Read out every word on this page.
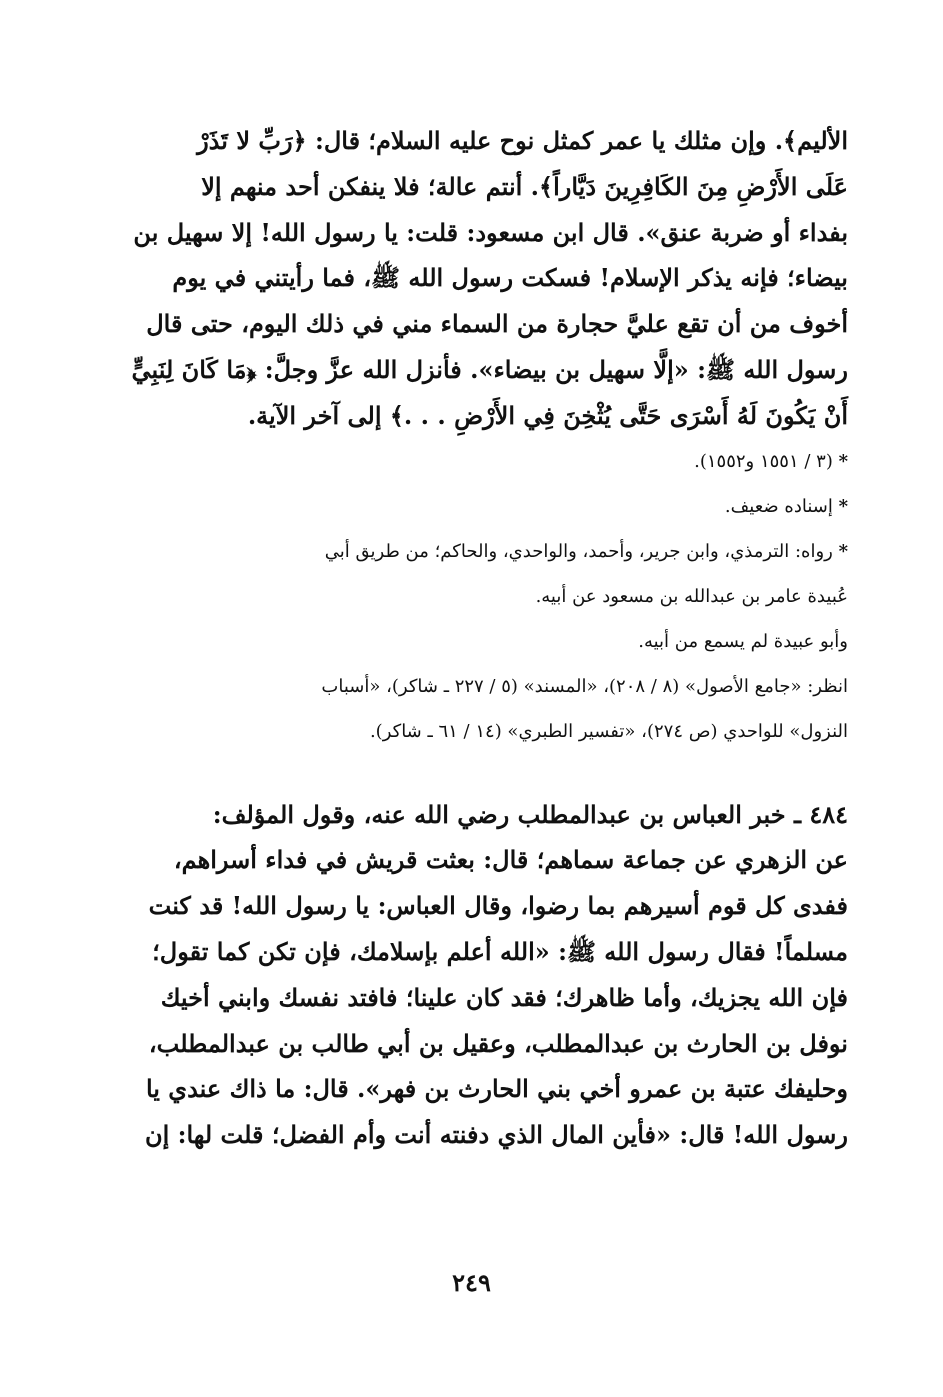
الأليم﴾. وإن مثلك يا عمر كمثل نوح عليه السلام؛ قال: ﴿رَبِّ لا تَذَرْ
عَلَى الأَرْضِ مِنَ الكَافِرِينَ دَيَّاراً﴾. أنتم عالة؛ فلا ينفكن أحد منهم إلا
بفداء أو ضربة عنق». قال ابن مسعود: قلت: يا رسول الله! إلا سهيل بن
بيضاء؛ فإنه يذكر الإسلام! فسكت رسول الله ﷺ، فما رأيتني في يوم
أخوف من أن تقع عليَّ حجارة من السماء مني في ذلك اليوم، حتى قال
رسول الله ﷺ: «إلَّا سهيل بن بيضاء». فأنزل الله عزَّ وجلَّ: ﴿مَا كَانَ لِنَبِيٍّ
أَنْ يَكُونَ لَهُ أَسْرَى حَتَّى يُثْخِنَ فِي الأَرْضِ . . .﴾ إلى آخر الآية.

* (٣ / ١٥٥١ و١٥٥٢).

* إسناده ضعيف.

* رواه: الترمذي، وابن جرير، وأحمد، والواحدي، والحاكم؛ من طريق أبي
عُبيدة عامر بن عبدالله بن مسعود عن أبيه.

وأبو عبيدة لم يسمع من أبيه.

انظر: «جامع الأصول» (٨ / ٢٠٨)، «المسند» (٥ / ٢٢٧ ـ شاكر)، «أسباب
النزول» للواحدي (ص ٢٧٤)، «تفسير الطبري» (١٤ / ٦١ ـ شاكر).

٤٨٤ ـ خبر العباس بن عبدالمطلب رضي الله عنه، وقول المؤلف:
عن الزهري عن جماعة سماهم؛ قال: بعثت قريش في فداء أسراهم،
ففدى كل قوم أسيرهم بما رضوا، وقال العباس: يا رسول الله! قد كنت
مسلماً! فقال رسول الله ﷺ: «الله أعلم بإسلامك، فإن تكن كما تقول؛
فإن الله يجزيك، وأما ظاهرك؛ فقد كان علينا؛ فافتد نفسك وابني أخيك
نوفل بن الحارث بن عبدالمطلب، وعقيل بن أبي طالب بن عبدالمطلب،
وحليفك عتبة بن عمرو أخي بني الحارث بن فهر». قال: ما ذاك عندي يا
رسول الله! قال: «فأين المال الذي دفنته أنت وأم الفضل؛ قلت لها: إن

٢٤٩
